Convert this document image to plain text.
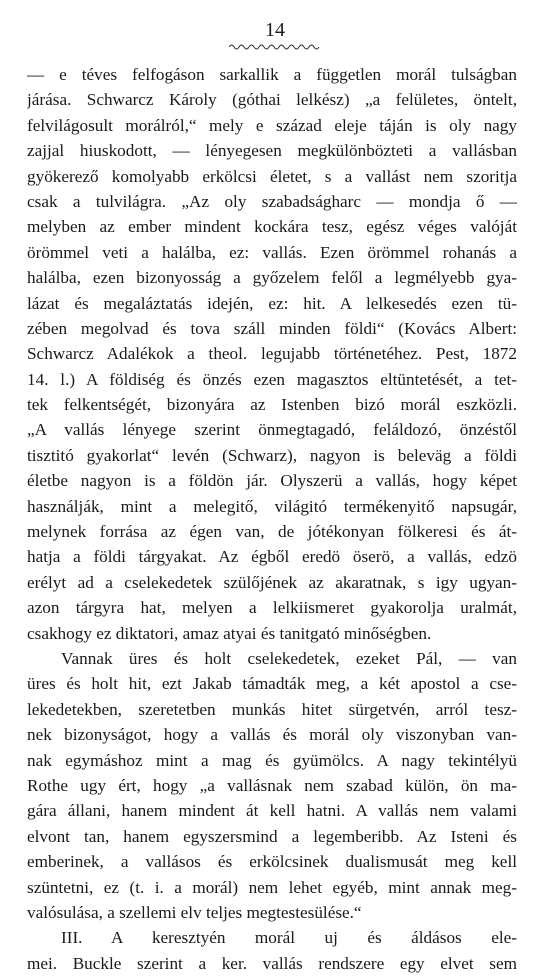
14
— e téves felfogáson sarkallik a független morál tulságban
járása. Schwarcz Károly (góthai lelkész) „a felületes, öntelt,
felvilágosult morálról,“ mely e század eleje táján is oly nagy
zajjal hiuskodott, — lényegesen megkülönbözteti a vallásban
gyökerező komolyabb erkölcsi életet, s a vallást nem szoritja
csak a tulvilágra. „Az oly szabadságharc — mondja ő —
melyben az ember mindent kockára tesz, egész véges valóját
örömmel veti a halálba, ez: vallás. Ezen örömmel rohanás a
halálba, ezen bizonyosság a győzelem felől a legmélyebb gya-
lázat és megaláztatás idején, ez: hit. A lelkesedés ezen tü-
zében megolvad és tova száll minden földi“ (Kovács Albert:
Schwarcz Adalékok a theol. legujabb történetéhez. Pest, 1872
14. l.) A földiség és önzés ezen magasztos eltüntetését, a tet-
tek felkentségét, bizonyára az Istenben bizó morál eszközli.
„A vallás lényege szerint önmegtagadó, feláldozó, önzéstől
tisztitó gyakorlat“ levén (Schwarz), nagyon is beleväg a földi
életbe nagyon is a földön jár. Olyszerü a vallás, hogy képet
használják, mint a melegitő, világitó termékenyitő napsugár,
melynek forrása az égen van, de jótékonyan fölkeresi és át-
hatja a földi tárgyakat. Az égből eredö öserö, a vallás, edzö
erélyt ad a cselekedetek szülőjének az akaratnak, s igy ugyan-
azon tárgyra hat, melyen a lelkiismeret gyakorolja uralmát,
csakhogy ez diktatori, amaz atyai és tanitgató minőségben.
Vannak üres és holt cselekedetek, ezeket Pál, — van
üres és holt hit, ezt Jakab támadták meg, a két apostol a cse-
lekedetekben, szeretetben munkás hitet sürgetvén, arról tesz-
nek bizonyságot, hogy a vallás és morál oly viszonyban van-
nak egymáshoz mint a mag és gyümölcs. A nagy tekintélyü
Rothe ugy ért, hogy „a vallásnak nem szabad külön, ön ma-
gára állani, hanem mindent át kell hatni. A vallás nem valami
elvont tan, hanem egyszersmind a legemberibb. Az Isteni és
emberinek, a vallásos és erkölcsinek dualismusát meg kell
szüntetni, ez (t. i. a morál) nem lehet egyéb, mint annak meg-
valósulása, a szellemi elv teljes megtestesülése.“
III. A keresztyén morál uj és áldásos ele-
mei. Buckle szerint a ker. vallás rendszere egy elvet sem
